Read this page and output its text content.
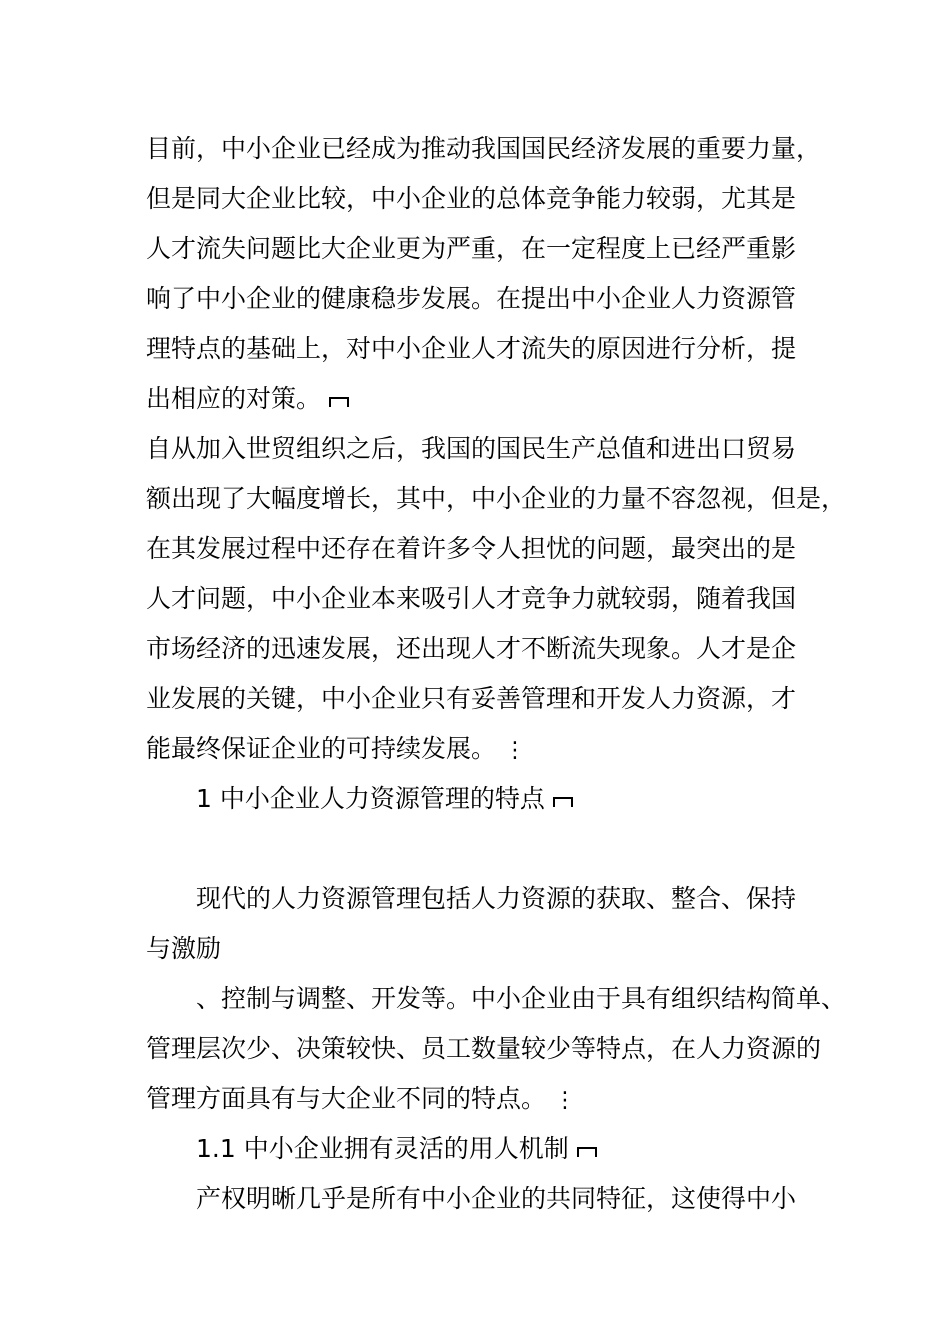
目前，中小企业已经成为推动我国国民经济发展的重要力量，
但是同大企业比较，中小企业的总体竞争能力较弱，尤其是
人才流失问题比大企业更为严重，在一定程度上已经严重影
响了中小企业的健康稳步发展。在提出中小企业人力资源管
理特点的基础上，对中小企业人才流失的原因进行分析，提
出相应的对策。
自从加入世贸组织之后，我国的国民生产总值和进出口贸易
额出现了大幅度增长，其中，中小企业的力量不容忽视，但是，
在其发展过程中还存在着许多令人担忧的问题，最突出的是
人才问题，中小企业本来吸引人才竞争力就较弱，随着我国
市场经济的迅速发展，还出现人才不断流失现象。人才是企
业发展的关键，中小企业只有妥善管理和开发人力资源，才
能最终保证企业的可持续发展。 ⋮
1 中小企业人力资源管理的特点
现代的人力资源管理包括人力资源的获取、整合、保持
与激励
、控制与调整、开发等。中小企业由于具有组织结构简单、
管理层次少、决策较快、员工数量较少等特点，在人力资源的
管理方面具有与大企业不同的特点。 ⋮
1.1 中小企业拥有灵活的用人机制
产权明晰几乎是所有中小企业的共同特征，这使得中小
